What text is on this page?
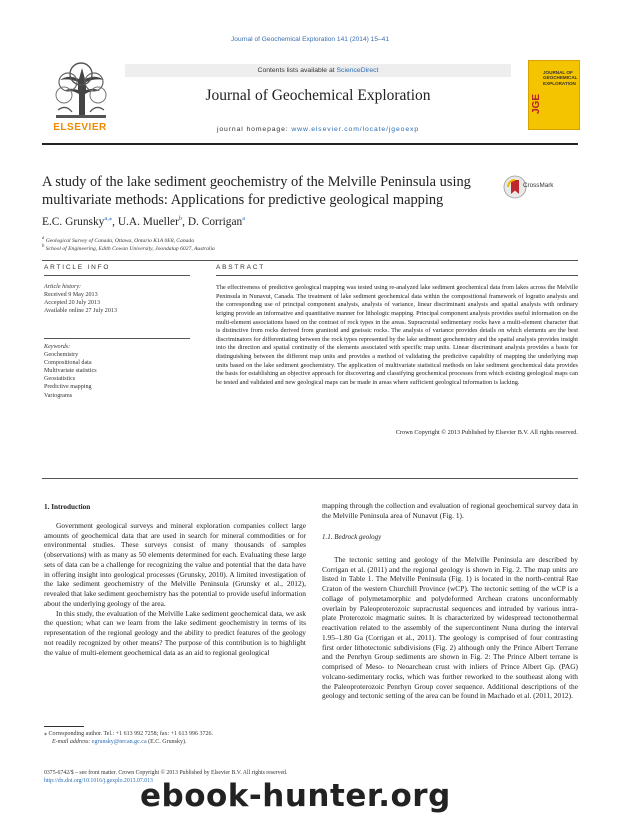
Journal of Geochemical Exploration 141 (2014) 15–41
ELSEVIER
Contents lists available at ScienceDirect
Journal of Geochemical Exploration
journal homepage: www.elsevier.com/locate/jgeoexp
JGE
JOURNAL OF GEOCHEMICAL EXPLORATION
A study of the lake sediment geochemistry of the Melville Peninsula using multivariate methods: Applications for predictive geological mapping
CrossMark
E.C. Grunsky$^{a,⁎}$, U.A. Mueller$^b$, D. Corrigan$^a$
$^a$ Geological Survey of Canada, Ottawa, Ontario K1A 0E8, Canada
$^b$ School of Engineering, Edith Cowan University, Joondalup 6027, Australia
ARTICLE INFO	ABSTRACT
Article history:
Received 9 May 2013
Accepted 20 July 2013
Available online 27 July 2013
Keywords:
Geochemistry
Compositional data
Multivariate statistics
Geostatistics
Predictive mapping
Variograms
The effectiveness of predictive geological mapping was tested using re-analyzed lake sediment geochemical data from lakes across the Melville Peninsula in Nunavut, Canada. The treatment of lake sediment geochemical data within the compositional framework of logratio analysis and the corresponding use of principal component analysis, analysis of variance, linear discriminant analysis and spatial analysis with ordinary kriging provide an informative and quantitative manner for lithologic mapping. Principal component analysis provides useful information on the multi-element associations based on the contrast of rock types in the areas. Supracrustal sedimentary rocks have a multi-element character that is distinctive from rocks derived from granitoid and gneissic rocks. The analysis of variance provides details on which elements are the best discriminators for differentiating between the rock types represented by the lake sediment geochemistry and the spatial analysis provides insight into the direction and spatial continuity of the elements associated with specific map units. Linear discriminant analysis provides a basis for distinguishing between the different map units and provides a method of validating the predictive capability of mapping the underlying map units based on the lake sediment geochemistry. The application of multivariate statistical methods on lake sediment geochemical data provides the basis for establishing an objective approach for discovering and classifying geochemical processes from which existing geological maps can be tested and validated and new geological maps can be made in areas where sufficient geological information is lacking.
Crown Copyright © 2013 Published by Elsevier B.V. All rights reserved.
1. Introduction

Government geological surveys and mineral exploration companies collect large amounts of geochemical data that are used in search for mineral commodities or for environmental studies. These surveys consist of many thousands of samples (observations) with as many as 50 elements determined for each. Evaluating these large sets of data can be a challenge for recognizing the value and potential that the data have in offering insight into geological processes (Grunsky, 2010). A limited investigation of the lake sediment geochemistry of the Melville Peninsula (Grunsky et al., 2012), revealed that lake sediment geochemistry has the potential to provide useful information about the underlying geology of the area.

In this study, the evaluation of the Melville Lake sediment geochemical data, we ask the question; what can we learn from the lake sediment geochemistry in terms of its representation of the regional geology and the ability to predict features of the geology not readily recognized by other means? The purpose of this contribution is to highlight the value of multi-element geochemical data as an aid to regional geological

mapping through the collection and evaluation of regional geochemical survey data in the Melville Peninsula area of Nunavut (Fig. 1).

1.1. Bedrock geology

The tectonic setting and geology of the Melville Peninsula are described by Corrigan et al. (2011) and the regional geology is shown in Fig. 2. The map units are listed in Table 1. The Melville Peninsula (Fig. 1) is located in the north-central Rae Craton of the western Churchill Province (wCP). The tectonic setting of the wCP is a collage of polymetamorphic and polydeformed Archean cratons unconformably overlain by Paleoproterozoic supracrustal sequences and intruded by various intra-plate Proterozoic magmatic suites. It is characterized by widespread tectonothermal reactivation related to the assembly of the supercontinent Nuna during the interval 1.95–1.80 Ga (Corrigan et al., 2011). The geology is comprised of four contrasting first order lithotectonic subdivisions (Fig. 2) although only the Prince Albert Terrane and the Penrhyn Group sediments are shown in Fig. 2: The Prince Albert terrane is comprised of Meso- to Neoarchean crust with inliers of Prince Albert Gp. (PAG) volcano-sedimentary rocks, which was further reworked to the southeast along with the Paleoproterozoic Penrhyn Group cover sequence. Additional descriptions of the geology and tectonic setting of the area can be found in Machado et al. (2011, 2012).

⁎ Corresponding author. Tel.: +1 613 992 7258; fax: +1 613 996 3726.
E-mail address: egrunsky@nrcan.gc.ca (E.C. Grunsky).
0375-6742/$ – see front matter. Crown Copyright © 2013 Published by Elsevier B.V. All rights reserved.
http://dx.doi.org/10.1016/j.gexplo.2013.07.013
ebook-hunter.org
